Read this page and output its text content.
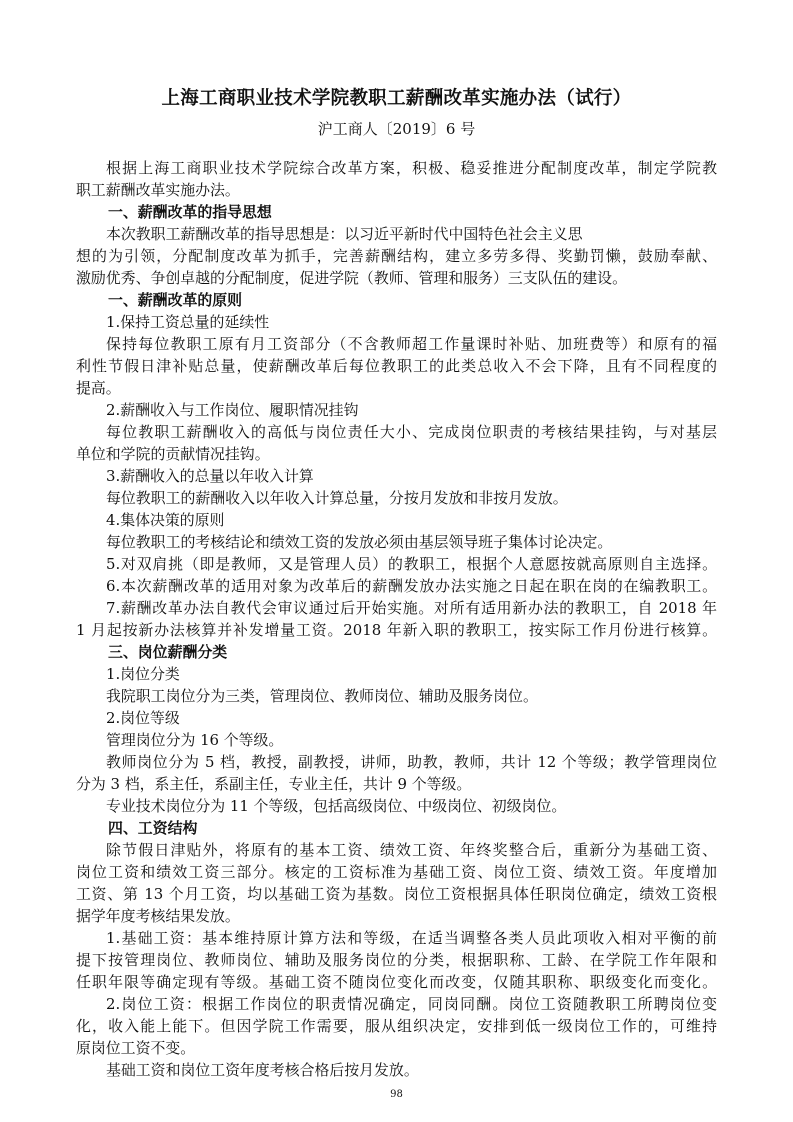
上海工商职业技术学院教职工薪酬改革实施办法（试行）
沪工商人〔2019〕6 号
根据上海工商职业技术学院综合改革方案，积极、稳妥推进分配制度改革，制定学院教
职工薪酬改革实施办法。
一、薪酬改革的指导思想
本次教职工薪酬改革的指导思想是：以习近平新时代中国特色社会主义思
想的为引领，分配制度改革为抓手，完善薪酬结构，建立多劳多得、奖勤罚懒，鼓励奉献、
激励优秀、争创卓越的分配制度，促进学院（教师、管理和服务）三支队伍的建设。
一、薪酬改革的原则
1.保持工资总量的延续性
保持每位教职工原有月工资部分（不含教师超工作量课时补贴、加班费等）和原有的福
利性节假日津补贴总量，使薪酬改革后每位教职工的此类总收入不会下降，且有不同程度的
提高。
2.薪酬收入与工作岗位、履职情况挂钩
每位教职工薪酬收入的高低与岗位责任大小、完成岗位职责的考核结果挂钩，与对基层
单位和学院的贡献情况挂钩。
3.薪酬收入的总量以年收入计算
每位教职工的薪酬收入以年收入计算总量，分按月发放和非按月发放。
4.集体决策的原则
每位教职工的考核结论和绩效工资的发放必须由基层领导班子集体讨论决定。
5.对双肩挑（即是教师，又是管理人员）的教职工，根据个人意愿按就高原则自主选择。
6.本次薪酬改革的适用对象为改革后的薪酬发放办法实施之日起在职在岗的在编教职工。
7.薪酬改革办法自教代会审议通过后开始实施。对所有适用新办法的教职工，自 2018 年
1 月起按新办法核算并补发增量工资。2018 年新入职的教职工，按实际工作月份进行核算。
三、岗位薪酬分类
1.岗位分类
我院职工岗位分为三类，管理岗位、教师岗位、辅助及服务岗位。
2.岗位等级
管理岗位分为 16 个等级。
教师岗位分为 5 档，教授，副教授，讲师，助教，教师，共计 12 个等级；教学管理岗位
分为 3 档，系主任，系副主任，专业主任，共计 9 个等级。
专业技术岗位分为 11 个等级，包括高级岗位、中级岗位、初级岗位。
四、工资结构
除节假日津贴外，将原有的基本工资、绩效工资、年终奖整合后，重新分为基础工资、
岗位工资和绩效工资三部分。核定的工资标准为基础工资、岗位工资、绩效工资。年度增加
工资、第 13 个月工资，均以基础工资为基数。岗位工资根据具体任职岗位确定，绩效工资根
据学年度考核结果发放。
1.基础工资：基本维持原计算方法和等级，在适当调整各类人员此项收入相对平衡的前
提下按管理岗位、教师岗位、辅助及服务岗位的分类，根据职称、工龄、在学院工作年限和
任职年限等确定现有等级。基础工资不随岗位变化而改变，仅随其职称、职级变化而变化。
2.岗位工资：根据工作岗位的职责情况确定，同岗同酬。岗位工资随教职工所聘岗位变
化，收入能上能下。但因学院工作需要，服从组织决定，安排到低一级岗位工作的，可维持
原岗位工资不变。
基础工资和岗位工资年度考核合格后按月发放。
98
